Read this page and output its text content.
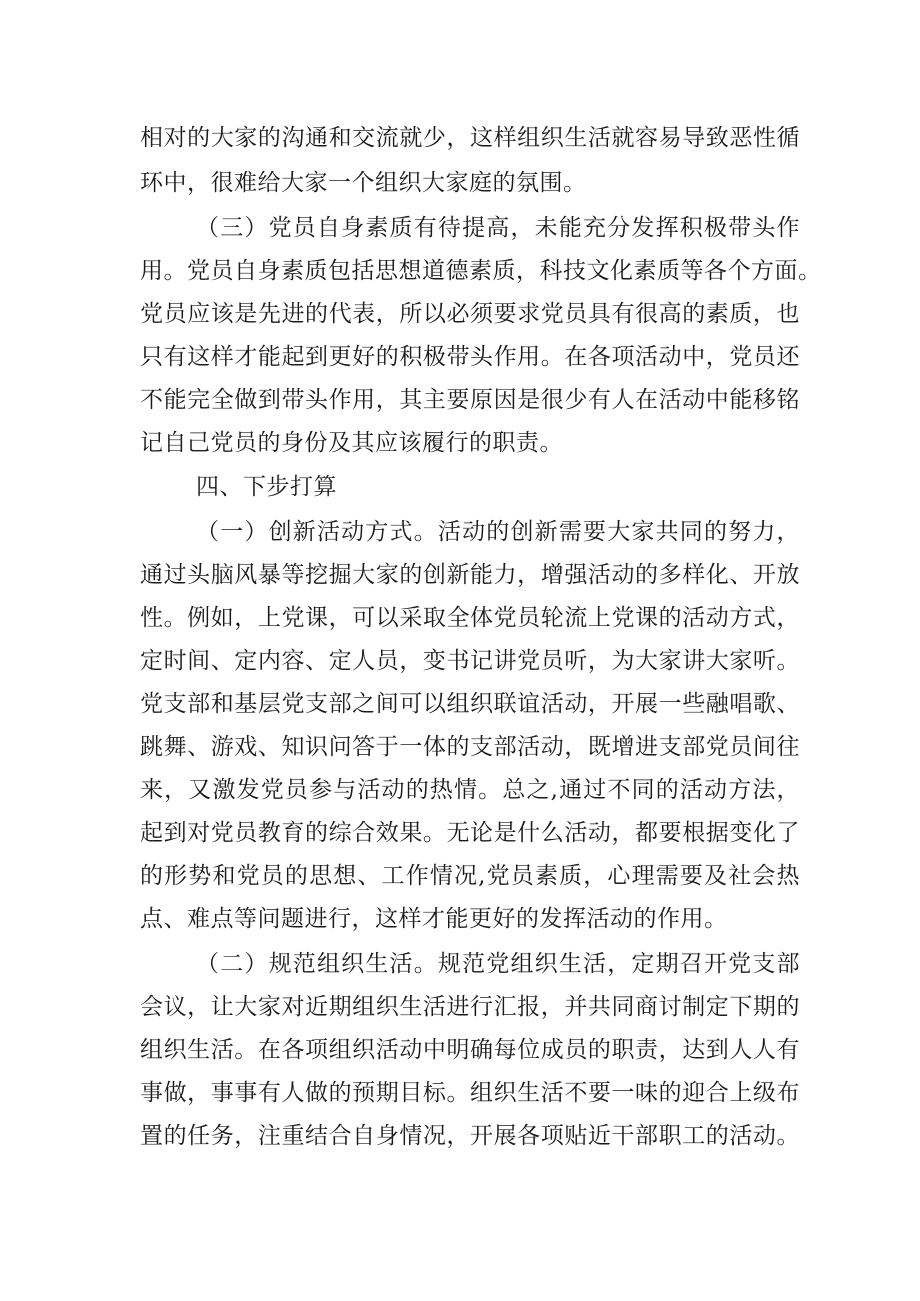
相对的大家的沟通和交流就少，这样组织生活就容易导致恶性循
环中，很难给大家一个组织大家庭的氛围。
（三）党员自身素质有待提高，未能充分发挥积极带头作
用。党员自身素质包括思想道德素质，科技文化素质等各个方面。
党员应该是先进的代表，所以必须要求党员具有很高的素质，也
只有这样才能起到更好的积极带头作用。在各项活动中，党员还
不能完全做到带头作用，其主要原因是很少有人在活动中能移铭
记自己党员的身份及其应该履行的职责。
四、下步打算
（一）创新活动方式。活动的创新需要大家共同的努力，
通过头脑风暴等挖掘大家的创新能力，增强活动的多样化、开放
性。例如，上党课，可以采取全体党员轮流上党课的活动方式，
定时间、定内容、定人员，变书记讲党员听，为大家讲大家听。
党支部和基层党支部之间可以组织联谊活动，开展一些融唱歌、
跳舞、游戏、知识问答于一体的支部活动，既增进支部党员间往
来，又激发党员参与活动的热情。总之,通过不同的活动方法，
起到对党员教育的综合效果。无论是什么活动，都要根据变化了
的形势和党员的思想、工作情况,党员素质，心理需要及社会热
点、难点等问题进行，这样才能更好的发挥活动的作用。
（二）规范组织生活。规范党组织生活，定期召开党支部
会议，让大家对近期组织生活进行汇报，并共同商讨制定下期的
组织生活。在各项组织活动中明确每位成员的职责，达到人人有
事做，事事有人做的预期目标。组织生活不要一味的迎合上级布
置的任务，注重结合自身情况，开展各项贴近干部职工的活动。
